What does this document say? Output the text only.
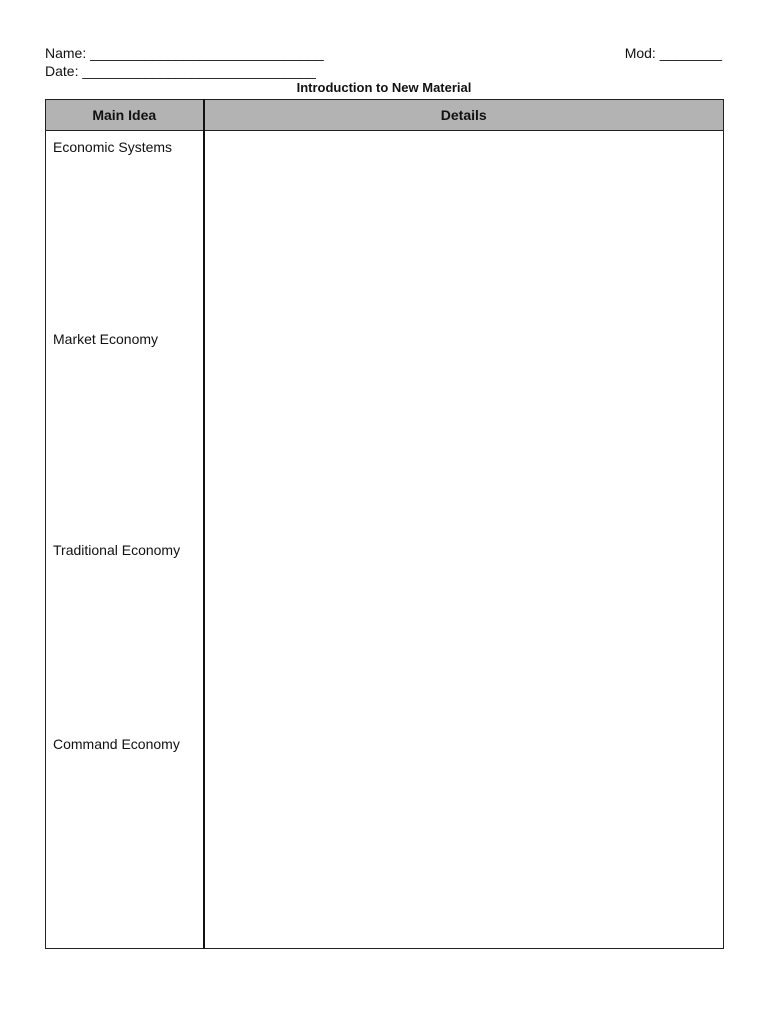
Name: ______________________________
Date: ______________________________
Mod: ________
Introduction to New Material
Main Idea	Details
Economic Systems	
Market Economy	
Traditional Economy	
Command Economy	
